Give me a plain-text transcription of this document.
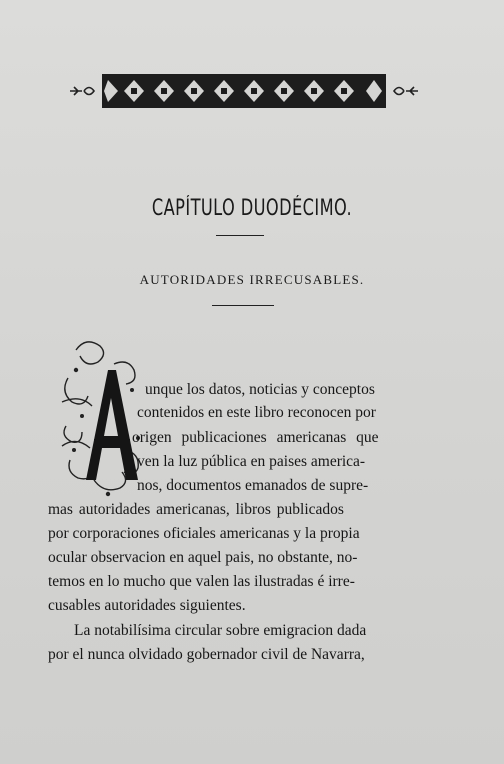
CAPÍTULO DUODÉCIMO.
AUTORIDADES IRRECUSABLES.
unque los datos, noticias y conceptos
contenidos en este libro reconocen por
origen publicaciones americanas que
ven la luz pública en paises america-
nos, documentos emanados de supre-
mas autoridades americanas, libros publicados
por corporaciones oficiales americanas y la propia
ocular observacion en aquel pais, no obstante, no-
temos en lo mucho que valen las ilustradas é irre-
cusables autoridades siguientes.
La notabilísima circular sobre emigracion dada
por el nunca olvidado gobernador civil de Navarra,
